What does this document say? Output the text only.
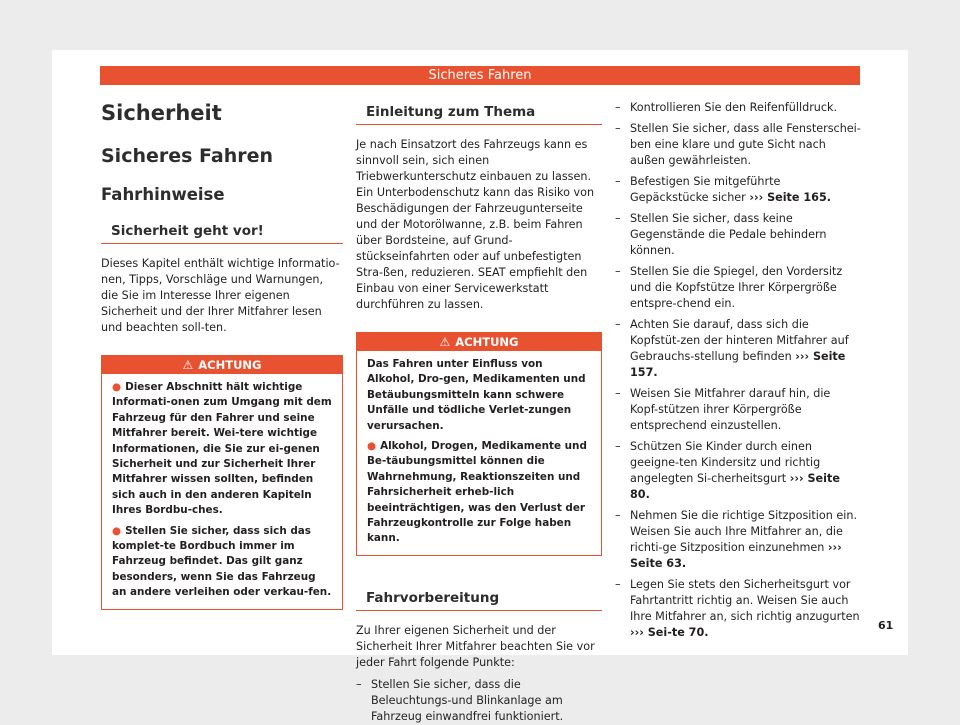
Sicheres Fahren
Sicherheit
Sicheres Fahren
Fahrhinweise
Sicherheit geht vor!

Dieses Kapitel enthält wichtige Informatio-nen, Tipps, Vorschläge und Warnungen, die Sie im Interesse Ihrer eigenen Sicherheit und der Ihrer Mitfahrer lesen und beachten soll-ten.

⚠ ACHTUNG
● Dieser Abschnitt hält wichtige Informati-onen zum Umgang mit dem Fahrzeug für den Fahrer und seine Mitfahrer bereit. Wei-tere wichtige Informationen, die Sie zur ei-genen Sicherheit und zur Sicherheit Ihrer Mitfahrer wissen sollten, befinden sich auch in den anderen Kapiteln Ihres Bordbu-ches.
● Stellen Sie sicher, dass sich das komplet-te Bordbuch immer im Fahrzeug befindet. Das gilt ganz besonders, wenn Sie das Fahrzeug an andere verleihen oder verkau-fen.
Einleitung zum Thema

Je nach Einsatzort des Fahrzeugs kann es sinnvoll sein, sich einen Triebwerkunterschutz einbauen zu lassen. Ein Unterbodenschutz kann das Risiko von Beschädigungen der Fahrzeugunterseite und der Motorölwanne, z.B. beim Fahren über Bordsteine, auf Grund-stückseinfahrten oder auf unbefestigten Stra-ßen, reduzieren. SEAT empfiehlt den Einbau von einer Servicewerkstatt durchführen zu lassen.

⚠ ACHTUNG
Das Fahren unter Einfluss von Alkohol, Dro-gen, Medikamenten und Betäubungsmitteln kann schwere Unfälle und tödliche Verlet-zungen verursachen.
● Alkohol, Drogen, Medikamente und Be-täubungsmittel können die Wahrnehmung, Reaktionszeiten und Fahrsicherheit erheb-lich beeinträchtigen, was den Verlust der Fahrzeugkontrolle zur Folge haben kann.
Fahrvorbereitung

Zu Ihrer eigenen Sicherheit und der Sicherheit Ihrer Mitfahrer beachten Sie vor jeder Fahrt folgende Punkte:

– Stellen Sie sicher, dass die Beleuchtungs-und Blinkanlage am Fahrzeug einwandfrei funktioniert.
– Kontrollieren Sie den Reifenfülldruck.
– Stellen Sie sicher, dass alle Fensterschei-ben eine klare und gute Sicht nach außen gewährleisten.
– Befestigen Sie mitgeführte Gepäckstücke sicher ››› Seite 165.
– Stellen Sie sicher, dass keine Gegenstände die Pedale behindern können.
– Stellen Sie die Spiegel, den Vordersitz und die Kopfstütze Ihrer Körpergröße entspre-chend ein.
– Achten Sie darauf, dass sich die Kopfstüt-zen der hinteren Mitfahrer auf Gebrauchs-stellung befinden ››› Seite 157.
– Weisen Sie Mitfahrer darauf hin, die Kopf-stützen ihrer Körpergröße entsprechend einzustellen.
– Schützen Sie Kinder durch einen geeigne-ten Kindersitz und richtig angelegten Si-cherheitsgurt ››› Seite 80.
– Nehmen Sie die richtige Sitzposition ein. Weisen Sie auch Ihre Mitfahrer an, die richti-ge Sitzposition einzunehmen ››› Seite 63.
– Legen Sie stets den Sicherheitsgurt vor Fahrtantritt richtig an. Weisen Sie auch Ihre Mitfahrer an, sich richtig anzugurten ››› Sei-te 70.
61
